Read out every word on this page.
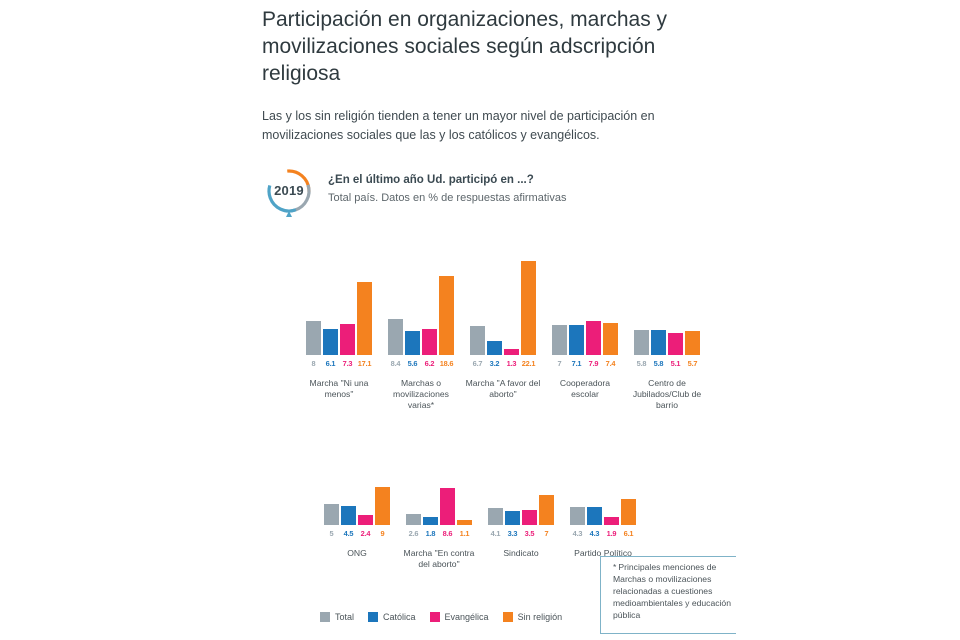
Participación en organizaciones, marchas y movilizaciones sociales según adscripción religiosa
Las y los sin religión tienden a tener un mayor nivel de participación en movilizaciones sociales que las y los católicos y evangélicos.
2019
¿En el último año Ud. participó en ...?
Total país. Datos en % de respuestas afirmativas
8	6.1 7.3 17.1
Marcha "Ni una menos"
8.4 5.6 6.2 18.6
Marchas o movilizaciones varias*
6.7 3.2 1.3 22.1
Marcha "A favor del aborto"
7	7.1 7.9 7.4
Cooperadora escolar
5.8 5.8 5.1 5.7
Centro de Jubilados/Club de barrio
5	4.5 2.4	9
ONG
2.6 1.8 8.6 1.1
Marcha "En contra del aborto"
4.1 3.3 3.5	7
Sindicato
4.3 4.3 1.9 6.1
Partido Político
* Principales menciones de Marchas o movilizaciones relacionadas a cuestiones medioambientales y educación pública
Total	Católica	Evangélica	Sin religión
